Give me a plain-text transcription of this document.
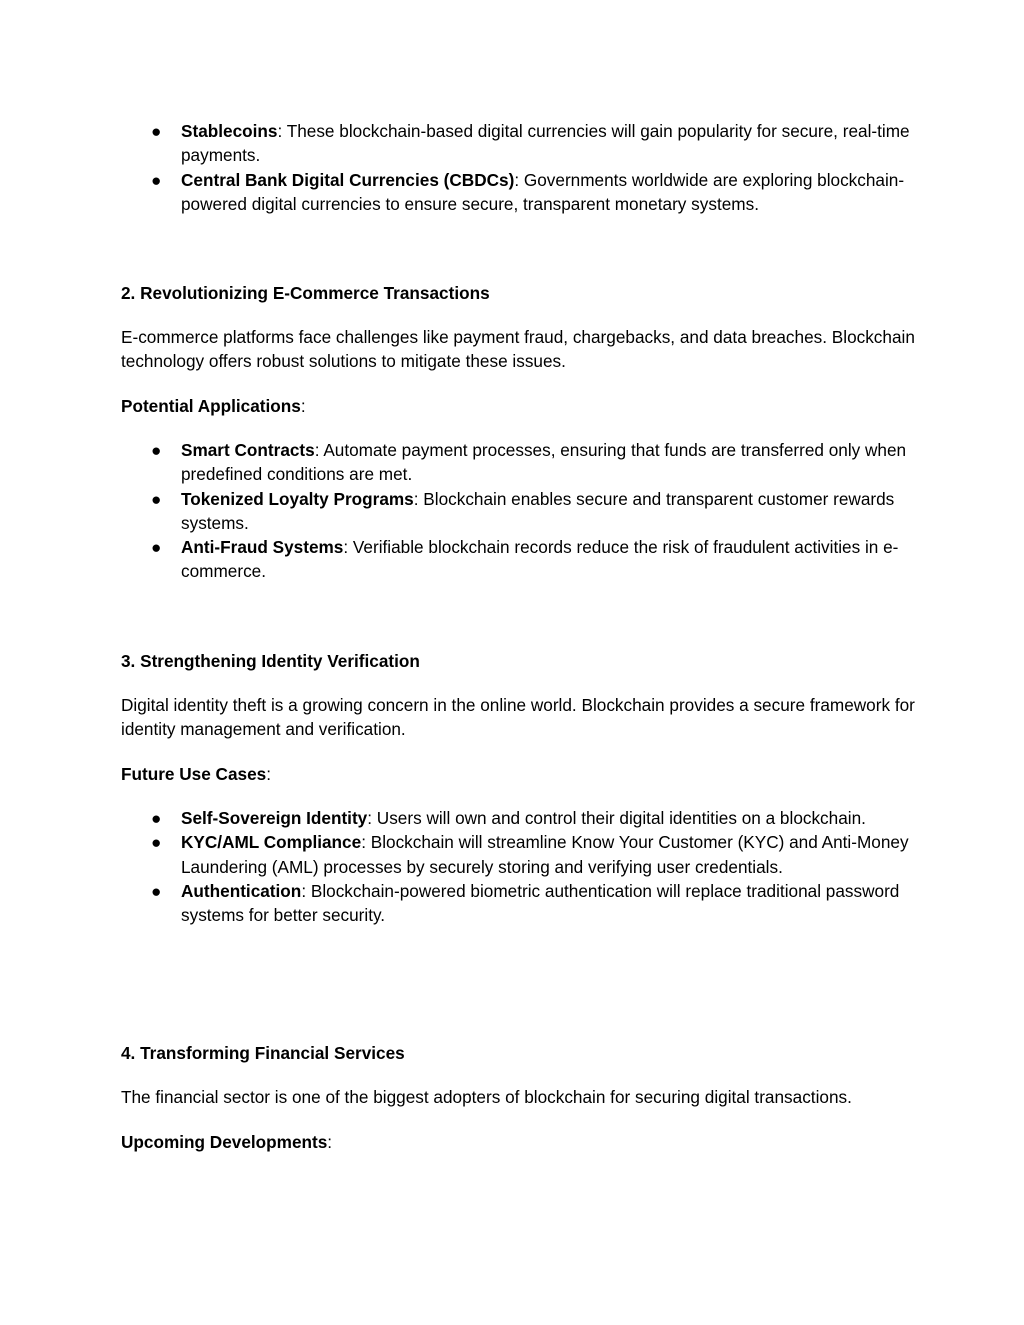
● Stablecoins: These blockchain-based digital currencies will gain popularity for secure, real-time payments.
● Central Bank Digital Currencies (CBDCs): Governments worldwide are exploring blockchain-powered digital currencies to ensure secure, transparent monetary systems.

2. Revolutionizing E-Commerce Transactions

E-commerce platforms face challenges like payment fraud, chargebacks, and data breaches. Blockchain technology offers robust solutions to mitigate these issues.

Potential Applications:

● Smart Contracts: Automate payment processes, ensuring that funds are transferred only when predefined conditions are met.
● Tokenized Loyalty Programs: Blockchain enables secure and transparent customer rewards systems.
● Anti-Fraud Systems: Verifiable blockchain records reduce the risk of fraudulent activities in e-commerce.

3. Strengthening Identity Verification

Digital identity theft is a growing concern in the online world. Blockchain provides a secure framework for identity management and verification.

Future Use Cases:

● Self-Sovereign Identity: Users will own and control their digital identities on a blockchain.
● KYC/AML Compliance: Blockchain will streamline Know Your Customer (KYC) and Anti-Money Laundering (AML) processes by securely storing and verifying user credentials.
● Authentication: Blockchain-powered biometric authentication will replace traditional password systems for better security.

4. Transforming Financial Services

The financial sector is one of the biggest adopters of blockchain for securing digital transactions.

Upcoming Developments:
